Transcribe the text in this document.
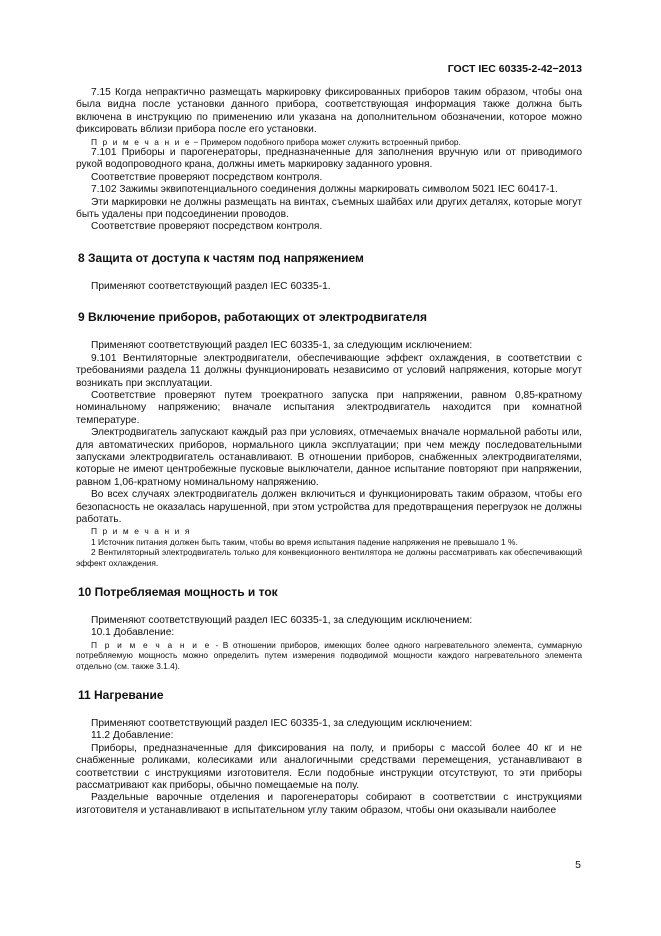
ГОСТ IEC 60335-2-42−2013

7.15 Когда непрактично размещать маркировку фиксированных приборов таким образом, чтобы она была видна после установки данного прибора, соответствующая информация также должна быть включена в инструкцию по применению или указана на дополнительном обозначении, которое можно фиксировать вблизи прибора после его установки.

П р и м е ч а н и е − Примером подобного прибора может служить встроенный прибор.

7.101 Приборы и парогенераторы, предназначенные для заполнения вручную или от приводимого рукой водопроводного крана, должны иметь маркировку заданного уровня.

Соответствие проверяют посредством контроля.

7.102 Зажимы эквипотенциального соединения должны маркировать символом 5021 IEC 60417-1.

Эти маркировки не должны размещать на винтах, съемных шайбах или других деталях, которые могут быть удалены при подсоединении проводов.

Соответствие проверяют посредством контроля.

8 Защита от доступа к частям под напряжением

Применяют соответствующий раздел IEC 60335-1.

9 Включение приборов, работающих от электродвигателя

Применяют соответствующий раздел IEC 60335-1, за следующим исключением:

9.101 Вентиляторные электродвигатели, обеспечивающие эффект охлаждения, в соответствии с требованиями раздела 11 должны функционировать независимо от условий напряжения, которые могут возникать при эксплуатации.

Соответствие проверяют путем троекратного запуска при напряжении, равном 0,85-кратному номинальному напряжению; вначале испытания электродвигатель находится при комнатной температуре.

Электродвигатель запускают каждый раз при условиях, отмечаемых вначале нормальной работы или, для автоматических приборов, нормального цикла эксплуатации; при чем между последовательными запусками электродвигатель останавливают. В отношении приборов, снабженных электродвигателями, которые не имеют центробежные пусковые выключатели, данное испытание повторяют при напряжении, равном 1,06-кратному номинальному напряжению.

Во всех случаях электродвигатель должен включиться и функционировать таким образом, чтобы его безопасность не оказалась нарушенной, при этом устройства для предотвращения перегрузок не должны работать.

П р и м е ч а н и я

1 Источник питания должен быть таким, чтобы во время испытания падение напряжения не превышало 1 %.

2 Вентиляторный электродвигатель только для конвекционного вентилятора не должны рассматривать как обеспечивающий эффект охлаждения.

10 Потребляемая мощность и ток

Применяют соответствующий раздел IEC 60335-1, за следующим исключением:

10.1 Добавление:

П р и м е ч а н и е - В отношении приборов, имеющих более одного нагревательного элемента, суммарную потребляемую мощность можно определить путем измерения подводимой мощности каждого нагревательного элемента отдельно (см. также 3.1.4).

11 Нагревание

Применяют соответствующий раздел IEC 60335-1, за следующим исключением:

11.2 Добавление:

Приборы, предназначенные для фиксирования на полу, и приборы с массой более 40 кг и не снабженные роликами, колесиками или аналогичными средствами перемещения, устанавливают в соответствии с инструкциями изготовителя. Если подобные инструкции отсутствуют, то эти приборы рассматривают как приборы, обычно помещаемые на полу.

Раздельные варочные отделения и парогенераторы собирают в соответствии с инструкциями изготовителя и устанавливают в испытательном углу таким образом, чтобы они оказывали наиболее

5
